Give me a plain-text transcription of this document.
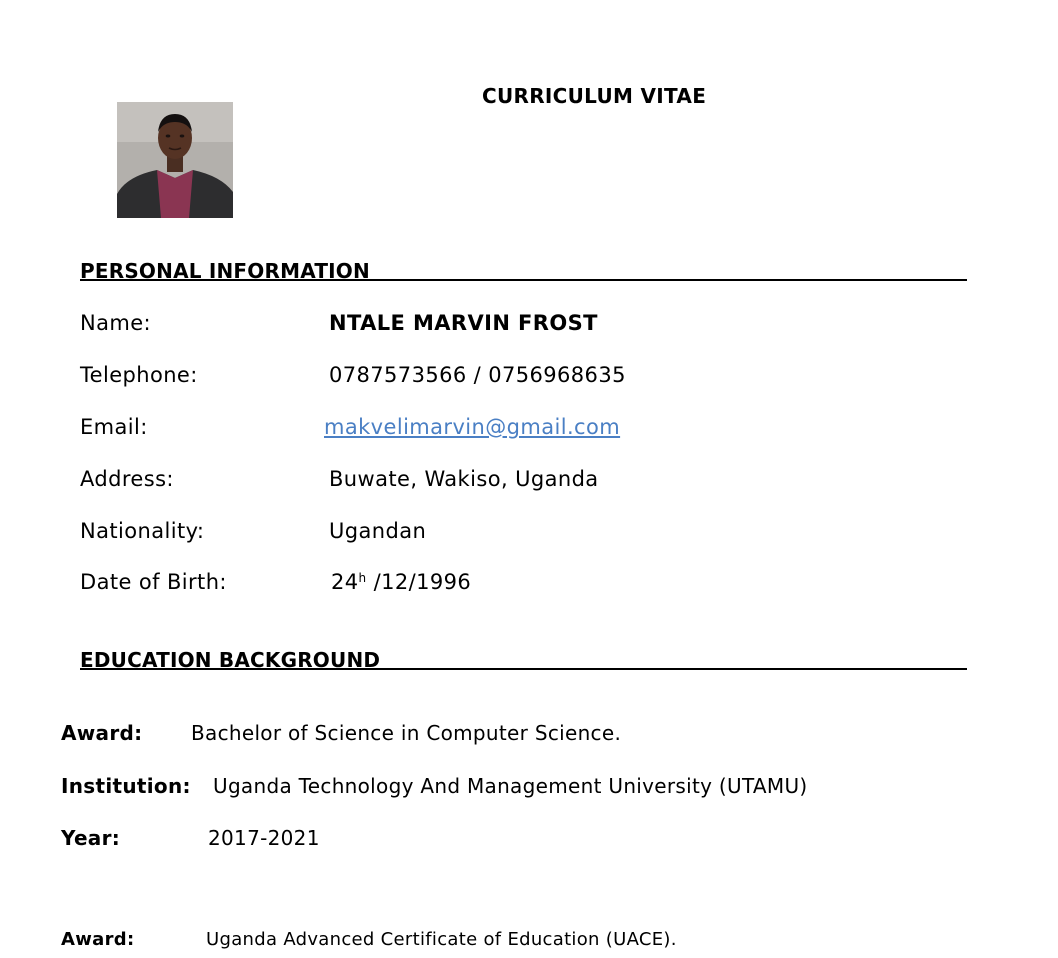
CURRICULUM VITAE
PERSONAL INFORMATION
Name:	NTALE MARVIN FROST
Telephone:	0787573566 / 0756968635
Email:	makvelimarvin@gmail.com
Address:	Buwate, Wakiso, Uganda
Nationality:	Ugandan
Date of Birth:	24$^h$ /12/1996
EDUCATION BACKGROUND
Award: Bachelor of Science in Computer Science.
Institution: Uganda Technology And Management University (UTAMU)
Year:	2017-2021
Award:	Uganda Advanced Certificate of Education (UACE).
